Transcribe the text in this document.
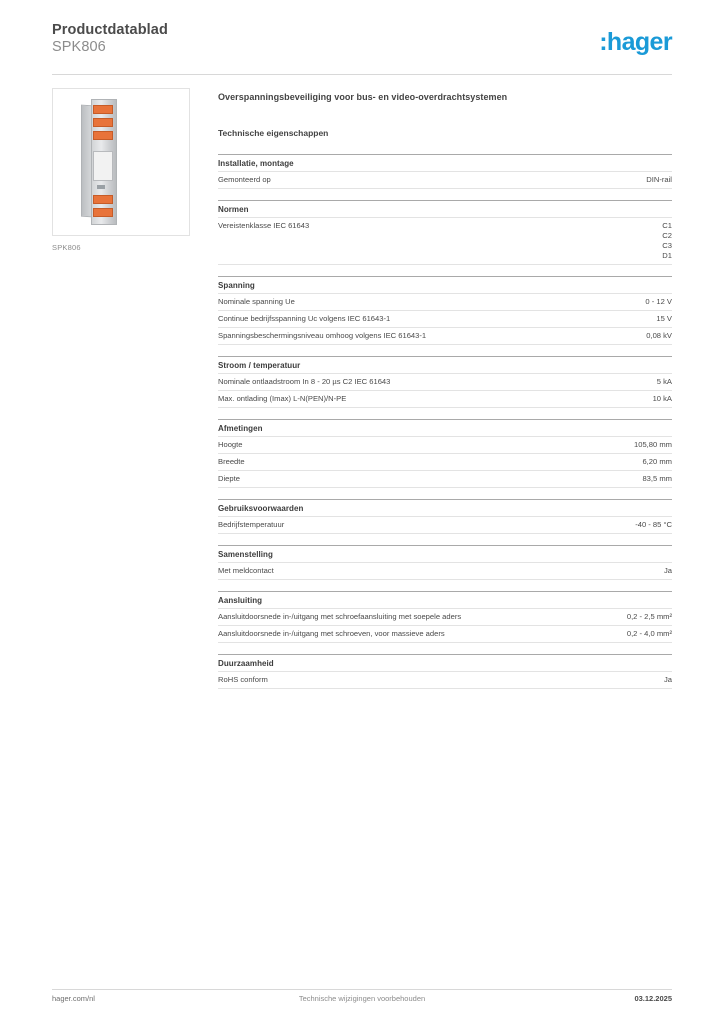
Productdatablad
SPK806	:hager
SPK806
Overspanningsbeveiliging voor bus- en video-overdrachtsystemen
Technische eigenschappen
Installatie, montage
Gemonteerd op	DIN-rail
Normen
Vereistenklasse IEC 61643	C1
C2
C3
D1
Spanning
Nominale spanning Ue	0 - 12 V
Continue bedrijfsspanning Uc volgens IEC 61643-1	15 V
Spanningsbeschermingsniveau omhoog volgens IEC 61643-1	0,08 kV
Stroom / temperatuur
Nominale ontlaadstroom In 8 - 20 µs C2 IEC 61643	5 kA
Max. ontlading (Imax) L-N(PEN)/N-PE	10 kA
Afmetingen
Hoogte	105,80 mm
Breedte	6,20 mm
Diepte	83,5 mm
Gebruiksvoorwaarden
Bedrijfstemperatuur	-40 - 85 °C
Samenstelling
Met meldcontact	Ja
Aansluiting
Aansluitdoorsnede in-/uitgang met schroefaansluiting met soepele aders	0,2 - 2,5 mm²
Aansluitdoorsnede in-/uitgang met schroeven, voor massieve aders	0,2 - 4,0 mm²
Duurzaamheid
RoHS conform	Ja
hager.com/nl	Technische wijzigingen voorbehouden	03.12.2025
